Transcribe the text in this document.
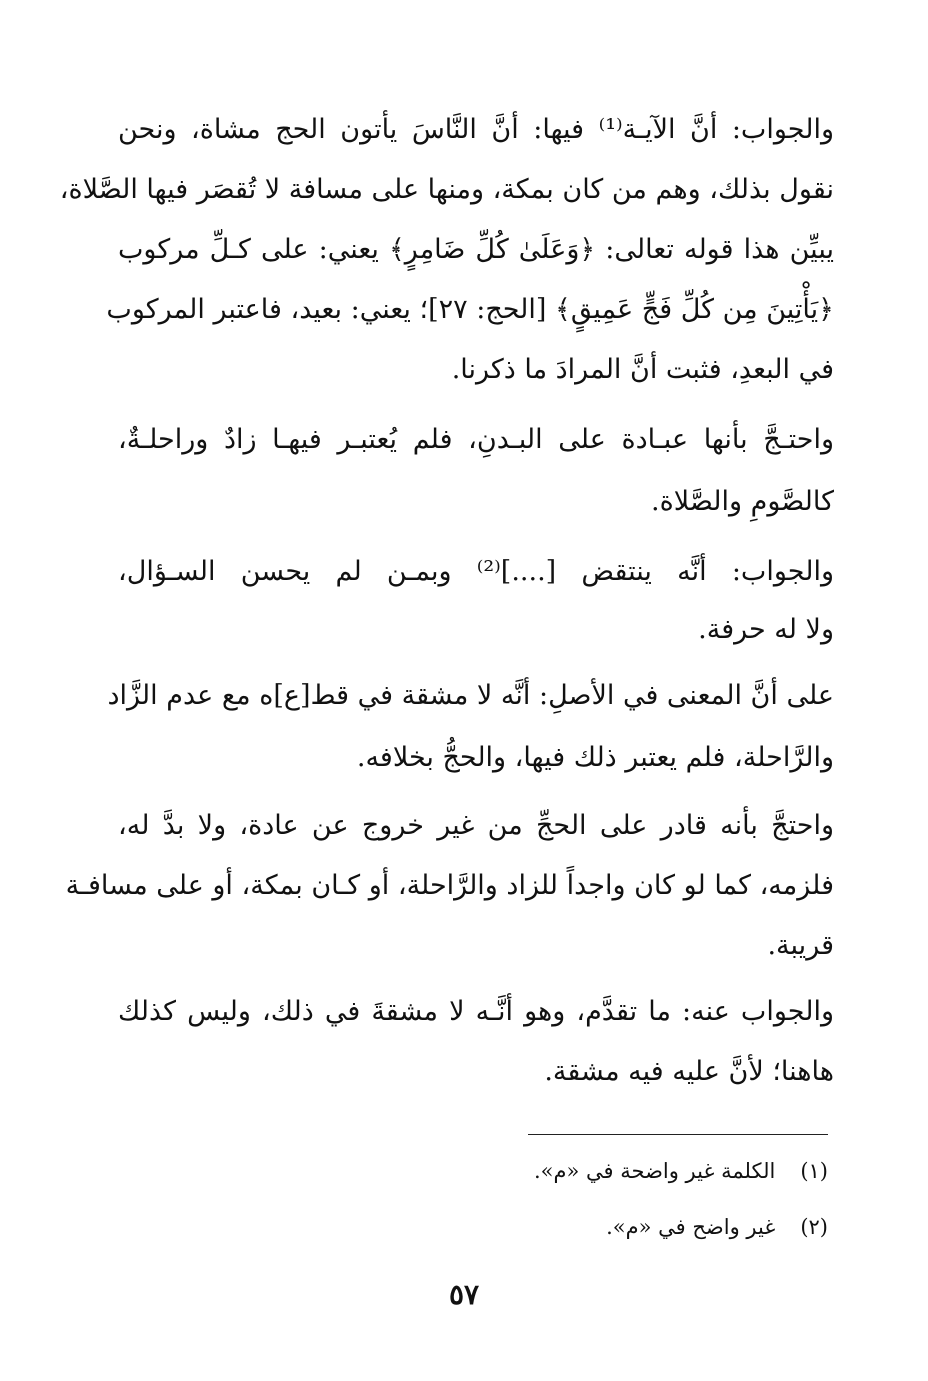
والجواب: أنَّ الآيـة⁽¹⁾ فيها: أنَّ النَّاسَ يأتون الحج مشاة، ونحن
نقول بذلك، وهم من كان بمكة، ومنها على مسافة لا تُقصَر فيها الصَّلاة،
يبيِّن هذا قوله تعالى: ﴿وَعَلَىٰ كُلِّ ضَامِرٍ﴾ يعني: على كـلِّ مركوب
﴿يَأْتِينَ مِن كُلِّ فَجٍّ عَمِيقٍ﴾ [الحج: ٢٧]؛ يعني: بعيد، فاعتبر المركوب
في البعدِ، فثبت أنَّ المرادَ ما ذكرنا.
واحتـجَّ بأنها عبـادة على البـدنِ، فلم يُعتبـر فيهـا زادٌ وراحلـةٌ،
كالصَّومِ والصَّلاة.
والجواب: أنَّه ينتقض [....]⁽²⁾ وبمـن لم يحسن السـؤال،
ولا له حرفة.
على أنَّ المعنى في الأصلِ: أنَّه لا مشقة في قط[ع]ه مع عدم الزَّاد
والرَّاحلة، فلم يعتبر ذلك فيها، والحجُّ بخلافه.
واحتجَّ بأنه قادر على الحجِّ من غير خروج عن عادة، ولا بدَّ له،
فلزمه، كما لو كان واجداً للزاد والرَّاحلة، أو كـان بمكة، أو على مسافـة
قريبة.
والجواب عنه: ما تقدَّم، وهو أنَّـه لا مشقةَ في ذلك، وليس كذلك
هاهنا؛ لأنَّ عليه فيه مشقة.
(١) الكلمة غير واضحة في «م».
(٢) غير واضح في «م».
٥٧
